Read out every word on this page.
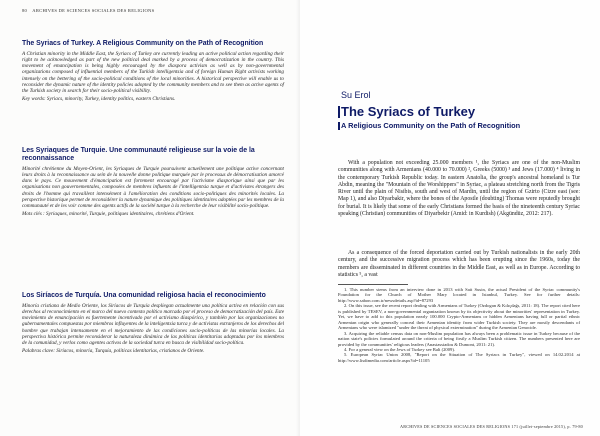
80 ARCHIVES DE SCIENCES SOCIALES DES RELIGIONS
The Syriacs of Turkey. A Religious Community on the Path of Recognition

A Christian minority in the Middle East, the Syriacs of Turkey are currently leading an active political action regarding their right to be acknowledged as part of the new political deal marked by a process of democratization in the country. This movement of emancipation is being highly encouraged by the diaspora activism as well as by non-governmental organizations composed of influential members of the Turkish intelligentsia and of foreign Human Right activists working intensely on the bettering of the socio-political conditions of the local minorities. A historical perspective will enable us to reconsider the dynamic nature of the identity policies adopted by the community members and to see them as active agents of the Turkish society in search for their socio-political visibility.

Key words: Syriacs, minority, Turkey, identity politics, eastern Christians.

Les Syriaques de Turquie. Une communauté religieuse sur la voie de la reconnaissance

Minorité chrétienne du Moyen-Orient, les Syriaques de Turquie poursuivent actuellement une politique active concernant leurs droits à la reconnaissance au sein de la nouvelle donne politique marquée par le processus de démocratisation amorcé dans le pays. Ce mouvement d'émancipation est fortement encouragé par l'activisme diasporique ainsi que par les organisations non gouvernementales, composées de membres influents de l'intelligentsia turque et d'activistes étrangers des droits de l'homme qui travaillent intensément à l'amélioration des conditions socio-politiques des minorités locales. La perspective historique permet de reconsidérer la nature dynamique des politiques identitaires adoptées par les membres de la communauté et de les voir comme des agents actifs de la société turque à la recherche de leur visibilité socio-politique.

Mots clés : Syriaques, minorité, Turquie, politiques identitaires, chrétiens d'Orient.

Los Siríacos de Turquía. Una comunidad religiosa hacia el reconocimiento

Minoría cristiana de Medio Oriente, los Siríacos de Turquía despliegan actualmente una política activa en relación con sus derechos al reconocimiento en el marco del nuevo contexto político marcado por el proceso de democratización del país. Este movimiento de emancipación es fuertemente incentivado por el activismo diaspórico, y también por las organizaciones no gubernamentales compuestas por miembros influyentes de la inteligentsia turca y de activistas extranjeros de los derechos del hombre que trabajan intensamente en el mejoramiento de las condiciones socio-políticas de las minorías locales. La perspectiva histórica permite reconsiderar la naturaleza dinámica de las políticas identitarias adoptadas por los miembros de la comunidad, y verlos como agentes activos de la sociedad turca en busca de visibilidad socio-política.

Palabras clave: Siríacos, minoría, Turquía, políticas identitarias, cristianos de Oriente.

Su Erol
The Syriacs of Turkey
A Religious Community on the Path of Recognition

With a population not exceeding 25.000 members ¹, the Syriacs are one of the non-Muslim communities along with Armenians (40.000 to 70.000) ², Greeks (5000) ³ and Jews (17.000) ⁴ living in the contemporary Turkish Republic today. In eastern Anatolia, the group's ancestral homeland is Tur Abdin, meaning the "Mountain of the Worshippers" in Syriac, a plateau stretching north from the Tigris River until the plain of Nisibis, south and west of Mardin, until the region of Gzirto (Cizre east (see: Map 1), and also Diyarbakir, where the bones of the Apostle (doubting) Thomas were reputedly brought for burial. It is likely that some of the early Christians formed the basis of the nineteenth century Syriac speaking (Christian) communities of Diyarbekir (Amid: in Kurdish) (Akgündüz, 2012: 217).

As a consequence of the forced deportation carried out by Turkish nationalists in the early 20th century, and the successive migration process which has been erupting since the 1960s, today the members are disseminated in different countries in the Middle East, as well as in Europe. According to statistics ⁵, a vast

1. This number stems from an interview done in 2013 with Sait Susin, the actual President of the Syriac community's Foundation for the Church of Mother Mary located in Istanbul, Turkey. See for further details: http://www.sabon.com.tr/newsdetails.asp?id=87293

2. On this issue, see the recent report dealing with Armenians of Turkey (Ozdogan & Kılıçdağı, 2011: 18). The report cited here is published by TESEV, a non-governmental organization known by its objectivity about the minorities' representation in Turkey. Yet, we have to add to this population nearly 100.000 Crypto-Armenians or hidden Armenians having full or partial ethnic Armenian origin who generally conceal their Armenian identity from wider Turkish society. They are mostly descendants of Armenians who were islamized "under the threat of physical extermination" during the Armenian Genocide.

3. Acquiring the reliable census data on non-Muslim population has always been a problematic issue in Turkey because of the nation state's policies formulated around the criteria of being firstly a Muslim Turkish citizen. The numbers presented here are provided by the communities' religious leaders (Anastassiadou & Dumont, 2011: 21).

4. For a general view on the Jews of Turkey see Bali (2009).

5. European Syriac Union 2008, "Report on the Situation of The Syriacs in Turkey", viewed on 14.02.2014 at http://www.lisdimedia.com/article.aspx?id=11105

ARCHIVES DE SCIENCES SOCIALES DES RELIGIONS 171 (juillet-septembre 2015), p. 79-80
